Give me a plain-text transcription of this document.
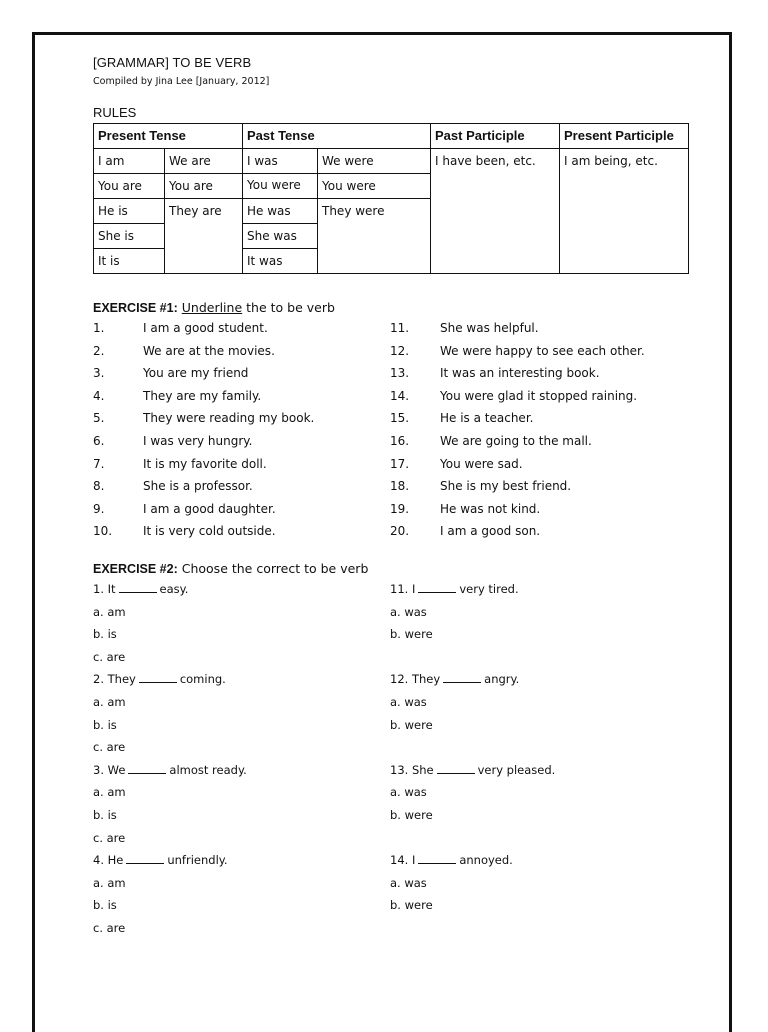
[GRAMMAR] TO BE VERB
Compiled by Jina Lee [January, 2012]
RULES
Present Tense		Past Tense		Past Participle	Present Participle
I am	We are	I was	We were	I have been, etc.	I am being, etc.
You are	You are	You were	You were		
He is	They are	He was	They were		
She is		She was			
It is		It was			
EXERCISE #1: Underline the to be verb
1.	I am a good student.
2.	We are at the movies.
3.	You are my friend
4.	They are my family.
5.	They were reading my book.
6.	I was very hungry.
7.	It is my favorite doll.
8.	She is a professor.
9.	I am a good daughter.
10.	It is very cold outside.
11.	She was helpful.
12.	We were happy to see each other.
13.	It was an interesting book.
14.	You were glad it stopped raining.
15.	He is a teacher.
16.	We are going to the mall.
17.	You were sad.
18.	She is my best friend.
19.	He was not kind.
20.	I am a good son.
EXERCISE #2: Choose the correct to be verb
1. It	easy.
a. am
b. is
c. are
2. They	coming.
a. am
b. is
c. are
3. We	almost ready.
a. am
b. is
c. are
4. He	unfriendly.
a. am
b. is
c. are
11. I	very tired.
a. was
b. were
12. They	angry.
a. was
b. were
13. She	very pleased.
a. was
b. were
14. I	annoyed.
a. was
b. were
